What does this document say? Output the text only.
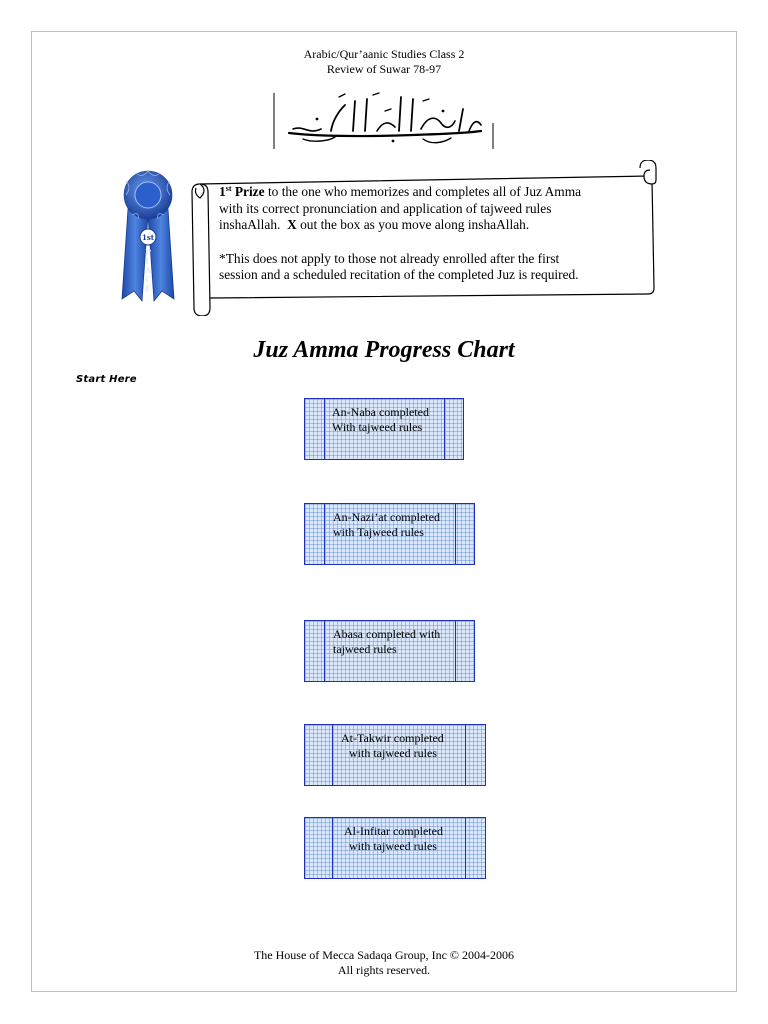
Arabic/Qur’aanic Studies Class 2
Review of Suwar 78-97
1st
P
L
A
C
E

1st Prize to the one who memorizes and completes all of Juz Amma

with its correct pronunciation and application of tajweed rules

inshaAllah. X out the box as you move along inshaAllah.

*This does not apply to those not already enrolled after the first

session and a scheduled recitation of the completed Juz is required.

Juz Amma Progress Chart
Start Here
An-Naba completed
With tajweed rules
An-Nazi’at completed
with Tajweed rules
Abasa completed with
tajweed rules
At-Takwir completed
with tajweed rules
Al-Infitar completed
with tajweed rules
The House of Mecca Sadaqa Group, Inc © 2004-2006
All rights reserved.
